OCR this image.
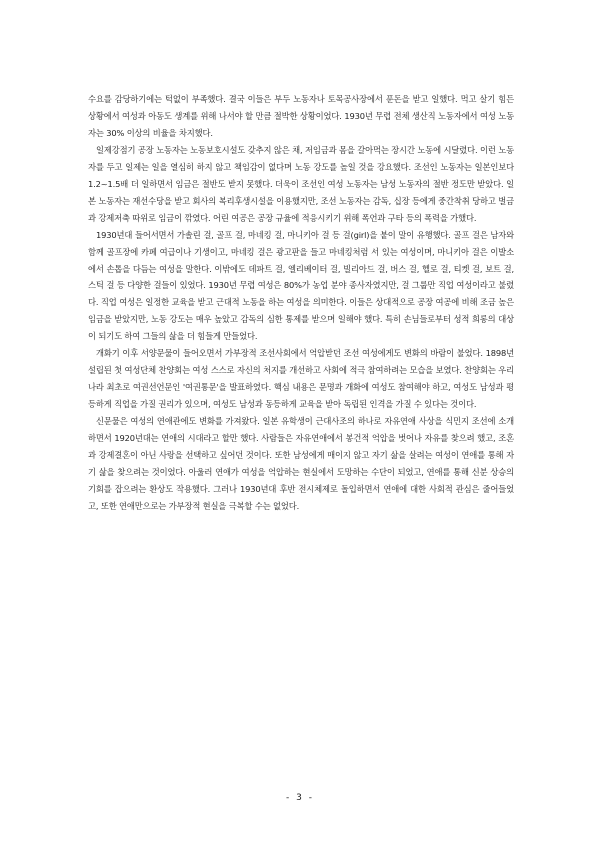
수요를 감당하기에는 턱없이 부족했다. 결국 이들은 부두 노동자나 토목공사장에서 푼돈을 받고 일했다. 먹고 살기 힘든 상황에서 여성과 아동도 생계를 위해 나서야 할 만큼 절박한 상황이었다. 1930년 무렵 전체 생산직 노동자에서 여성 노동자는 30% 이상의 비율을 차지했다.

일제강점기 공장 노동자는 노동보호시설도 갖추지 않은 채, 저임금과 몸을 갈아먹는 장시간 노동에 시달렸다. 이런 노동자를 두고 일제는 일을 열심히 하지 않고 책임감이 없다며 노동 강도를 높일 것을 강요했다. 조선인 노동자는 일본인보다 1.2~1.5배 더 일하면서 임금은 절반도 받지 못했다. 더욱이 조선인 여성 노동자는 남성 노동자의 절반 정도만 받았다. 일본 노동자는 재선수당을 받고 회사의 복리후생시설을 이용했지만, 조선 노동자는 감독, 십장 등에게 중간착취 당하고 벌금과 강제저축 따위로 임금이 깎였다. 어린 여공은 공장 규율에 적응시키기 위해 폭언과 구타 등의 폭력을 가했다.

1930년대 들어서면서 가솔린 걸, 골프 걸, 마네킹 걸, 마니키아 걸 등 걸(girl)을 붙이 말이 유행했다. 골프 걸은 남자와 함께 골프장에 카페 여급이나 기생이고, 마네킹 걸은 광고판을 들고 마네킹처럼 서 있는 여성이며, 마니키아 걸은 이발소에서 손톱을 다듬는 여성을 말한다. 이밖에도 데파트 걸, 엘리베이터 걸, 빌리아드 걸, 버스 걸, 헬로 걸, 티켓 걸, 보트 걸, 스틱 걸 등 다양한 걸들이 있었다. 1930년 무렵 여성은 80%가 농업 분야 종사자였지만, 걸 그룹만 직업 여성이라고 불렸다. 직업 여성은 일정한 교육을 받고 근대적 노동을 하는 여성을 의미한다. 이들은 상대적으로 공장 여공에 비해 조금 높은 임금을 받았지만, 노동 강도는 매우 높았고 감독의 심한 통제를 받으며 일해야 했다. 특히 손님들로부터 성적 희롱의 대상이 되기도 하여 그들의 삶을 더 힘들게 만들었다.

개화기 이후 서양문물이 들어오면서 가부장적 조선사회에서 억압받던 조선 여성에게도 변화의 바람이 불었다. 1898년 설립된 첫 여성단체 찬양회는 여성 스스로 자신의 처지를 개선하고 사회에 적극 참여하려는 모습을 보였다. 찬양회는 우리나라 최초로 여권선언문인 '여권통문'을 발표하였다. 핵심 내용은 문명과 개화에 여성도 참여해야 하고, 여성도 남성과 평등하게 직업을 가질 권리가 있으며, 여성도 남성과 동등하게 교육을 받아 독립된 인격을 가질 수 있다는 것이다.

신문물은 여성의 연애관에도 변화를 가져왔다. 일본 유학생이 근대사조의 하나로 자유연애 사상을 식민지 조선에 소개하면서 1920년대는 연애의 시대라고 할만 했다. 사람들은 자유연애에서 봉건적 억압을 벗어나 자유를 찾으려 했고, 조혼과 강제결혼이 아닌 사랑을 선택하고 싶어던 것이다. 또한 남성에게 매이지 않고 자기 삶을 살려는 여성이 연애를 통해 자기 삶을 찾으려는 것이었다. 아울러 연애가 여성을 억압하는 현실에서 도망하는 수단이 되었고, 연애를 통해 신분 상승의 기회를 잡으려는 환상도 작용했다. 그러나 1930년대 후반 전시체제로 돌입하면서 연애에 대한 사회적 관심은 줄어들었고, 또한 연애만으로는 가부장적 현실을 극복할 수는 없었다.

- 3 -
